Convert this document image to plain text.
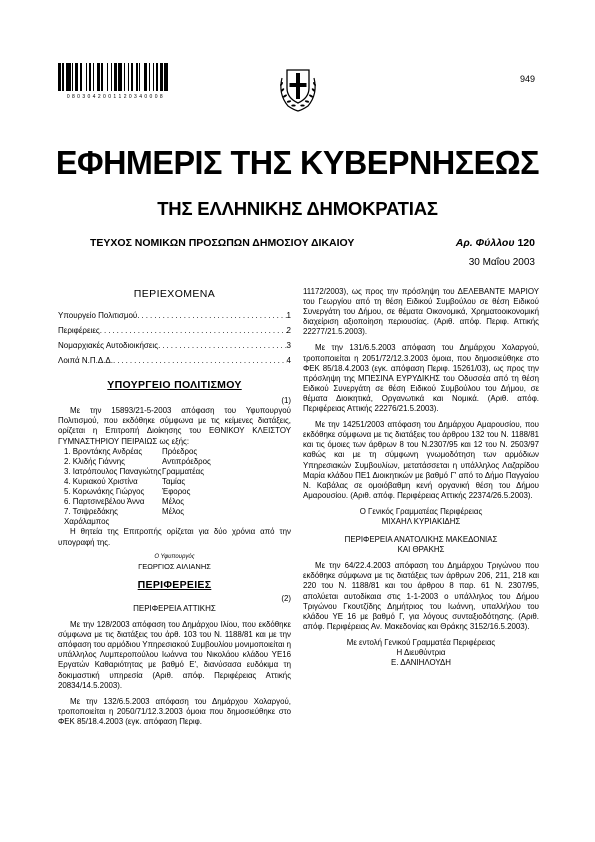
0 8 0 3 0 4 2 0 0 1 1 2 0 3 4 0 0 0 8
949
ΕΦΗΜΕΡΙΣ ΤΗΣ ΚΥΒΕΡΝΗΣΕΩΣ
ΤΗΣ ΕΛΛΗΝΙΚΗΣ ΔΗΜΟΚΡΑΤΙΑΣ
ΤΕΥΧΟΣ ΝΟΜΙΚΩΝ ΠΡΟΣΩΠΩΝ ΔΗΜΟΣΙΟΥ ΔΙΚΑΙΟΥ	Αρ. Φύλλου 120
30 Μαΐου 2003
ΠΕΡΙΕΧΟΜΕΝΑ
Υπουργείο Πολιτισμού .....	1
Περιφέρειες .....	2
Νομαρχιακές Αυτοδιοικήσεις .....	3
Λοιπά Ν.Π.Δ.Δ. .....	4
ΥΠΟΥΡΓΕΙΟ ΠΟΛΙΤΙΣΜΟΥ
(1)

Με την 15893/21-5-2003 απόφαση του Υφυπουργού Πολιτισμού, που εκδόθηκε σύμφωνα με τις κείμενες διατάξεις, ορίζεται η Επιτροπή Διοίκησης του ΕΘΝΙΚΟΥ ΚΛΕΙΣΤΟΥ ΓΥΜΝΑΣΤΗΡΙΟΥ ΠΕΙΡΑΙΩΣ ως εξής:

1. Βροντάκης Ανδρέας	Πρόεδρος
2. Κλιδής Γιάννης	Αντιπρόεδρος
3. Ιατρόπουλος Παναγιώτης Γραμματέας
4. Κυριακού Χριστίνα	Ταμίας
5. Κορωνάκης Γιώργος	Έφορος
6. Παρτσινεβέλου Άννα	Μέλος
7. Τσιψρεδάκης Χαράλαμπος
Μέλος

Η θητεία της Επιτροπής ορίζεται για δύο χρόνια από την υπογραφή της.

Ο Υφυπουργός
ΓΕΩΡΓΙΟΣ ΑΙΛΙΑΝΗΣ
ΠΕΡΙΦΕΡΕΙΕΣ
(2)
ΠΕΡΙΦΕΡΕΙΑ ΑΤΤΙΚΗΣ

Με την 128/2003 απόφαση του Δημάρχου Ιλίου, που εκδόθηκε σύμφωνα με τις διατάξεις του άρθ. 103 του Ν. 1188/81 και με την απόφαση του αρμόδιου Υπηρεσιακού Συμβουλίου μονιμοποιείται η υπάλληλος Λυμπεροπούλου Ιωάννα του Νικολάου κλάδου ΥΕ16 Εργατών Καθαριότητας με βαθμό Ε', διανύσασα ευδόκιμα τη δοκιμαστική υπηρεσία (Αριθ. απόφ. Περιφέρειας Αττικής 20834/14.5.2003).

Με την 132/6.5.2003 απόφαση του Δημάρχου Χολαργού, τροποποιείται η 2050/71/12.3.2003 όμοια που δημοσιεύθηκε στο ΦΕΚ 85/18.4.2003 (εγκ. απόφαση Περιφ.

11172/2003), ως προς την πρόσληψη του ΔΕΛΕΒΑΝΤΕ ΜΑΡΙΟΥ του Γεωργίου από τη θέση Ειδικού Συμβούλου σε θέση Ειδικού Συνεργάτη του Δήμου, σε θέματα Οικονομικά, Χρηματοοικονομική διαχείριση αξιοποίηση περιουσίας. (Αριθ. απόφ. Περιφ. Αττικής 22277/21.5.2003).

Με την 131/6.5.2003 απόφαση του Δημάρχου Χολαργού, τροποποιείται η 2051/72/12.3.2003 όμοια, που δημοσιεύθηκε στο ΦΕΚ 85/18.4.2003 (εγκ. απόφαση Περιφ. 15261/03), ως προς την πρόσληψη της ΜΠΕΣΙΝΑ ΕΥΡΥΔΙΚΗΣ του Οδυσσέα από τη θέση Ειδικού Συνεργάτη σε θέση Ειδικού Συμβούλου του Δήμου, σε θέματα Διοικητικά, Οργανωτικά και Νομικά. (Αριθ. απόφ. Περιφέρειας Αττικής 22276/21.5.2003).

Με την 14251/2003 απόφαση του Δημάρχου Αμαρουσίου, που εκδόθηκε σύμφωνα με τις διατάξεις του άρθρου 132 του Ν. 1188/81 και τις όμοιες των άρθρων 8 του Ν.2307/95 και 12 του Ν. 2503/97 καθώς και με τη σύμφωνη γνωμοδότηση των αρμόδιων Υπηρεσιακών Συμβουλίων, μετατάσσεται η υπάλληλος Λαζαρίδου Μαρία κλάδου ΠΕ1 Διοικητικών με βαθμό Γ' από το Δήμο Παγγαίου Ν. Καβάλας σε ομοιόβαθμη κενή οργανική θέση του Δήμου Αμαρουσίου. (Αριθ. απόφ. Περιφέρειας Αττικής 22374/26.5.2003).

Ο Γενικός Γραμματέας Περιφέρειας
ΜΙΧΑΗΛ ΚΥΡΙΑΚΙΔΗΣ
ΠΕΡΙΦΕΡΕΙΑ ΑΝΑΤΟΛΙΚΗΣ ΜΑΚΕΔΟΝΙΑΣ
ΚΑΙ ΘΡΑΚΗΣ

Με την 64/22.4.2003 απόφαση του Δημάρχου Τριγώνου που εκδόθηκε σύμφωνα με τις διατάξεις των άρθρων 206, 211, 218 και 220 του Ν. 1188/81 και του άρθρου 8 παρ. 61 Ν. 2307/95, απολύεται αυτοδίκαια στις 1-1-2003 ο υπάλληλος του Δήμου Τριγώνου Γκουτζίδης Δημήτριος του Ιωάννη, υπαλλήλου του κλάδου ΥΕ 16 με βαθμό Γ, για λόγους συνταξιοδότησης. (Αριθ. απόφ. Περιφέρειας Αν. Μακεδονίας και Θράκης 3152/16.5.2003).

Με εντολή Γενικού Γραμματέα Περιφέρειας
Η Διευθύντρια
Ε. ΔΑΝΙΗΛΟΥΔΗ
